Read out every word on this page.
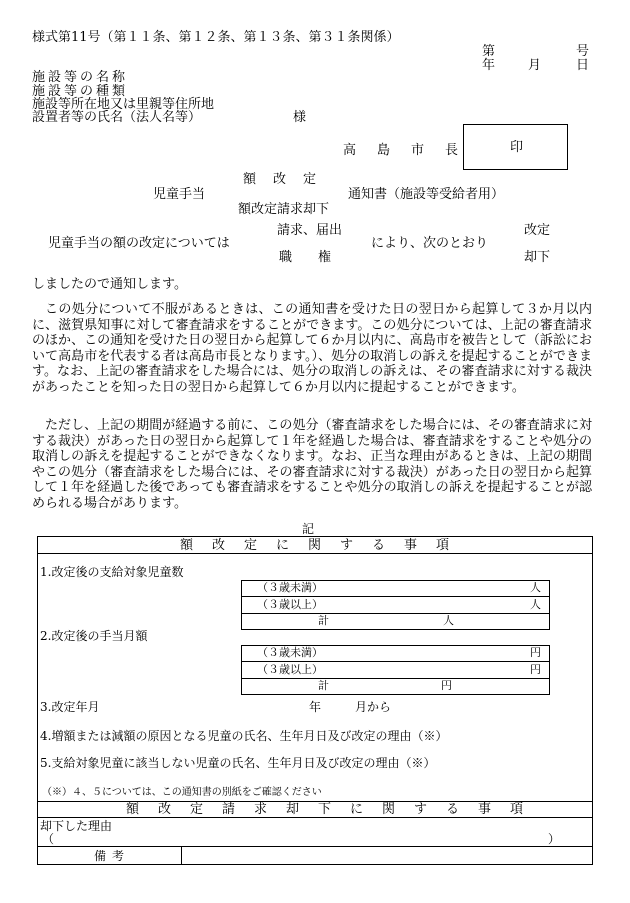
様式第11号（第１１条、第１２条、第１３条、第３１条関係）
第	号
年	月	日
施設等の名称
施設等の種類
施設等所在地又は里親等住所地
設置者等の氏名（法人名等）	様
高　島　市　長	印
額　改　定
児童手当	通知書（施設等受給者用）
額改定請求却下
請求、届出	改定
児童手当の額の改定については	により、次のとおり
職　　権	却下
しましたので通知します。
この処分について不服があるときは、この通知書を受けた日の翌日から起算して３か月以内に、滋賀県知事に対して審査請求をすることができます。この処分については、上記の審査請求のほか、この通知を受けた日の翌日から起算して６か月以内に、高島市を被告として（訴訟において高島市を代表する者は高島市長となります。）、処分の取消しの訴えを提起することができます。なお、上記の審査請求をした場合には、処分の取消しの訴えは、その審査請求に対する裁決があったことを知った日の翌日から起算して６か月以内に提起することができます。
ただし、上記の期間が経過する前に、この処分（審査請求をした場合には、その審査請求に対する裁決）があった日の翌日から起算して１年を経過した場合は、審査請求をすることや処分の取消しの訴えを提起することができなくなります。なお、正当な理由があるときは、上記の期間やこの処分（審査請求をした場合には、その審査請求に対する裁決）があった日の翌日から起算して１年を経過した後であっても審査請求をすることや処分の取消しの訴えを提起することが認められる場合があります。
記
額　改　定　に　関　す　る　事　項
1.改定後の支給対象児童数
（３歳未満）	人
（３歳以上）	人
計	人
2.改定後の手当月額
（３歳未満）	円
（３歳以上）	円
計	円
3.改定年月	年	月から
4.増額または減額の原因となる児童の氏名、生年月日及び改定の理由（※）
5.支給対象児童に該当しない児童の氏名、生年月日及び改定の理由（※）
（※）４、５については、この通知書の別紙をご確認ください
額　改　定　請　求　却　下　に　関　す　る　事　項
却下した理由
（	）
備考
